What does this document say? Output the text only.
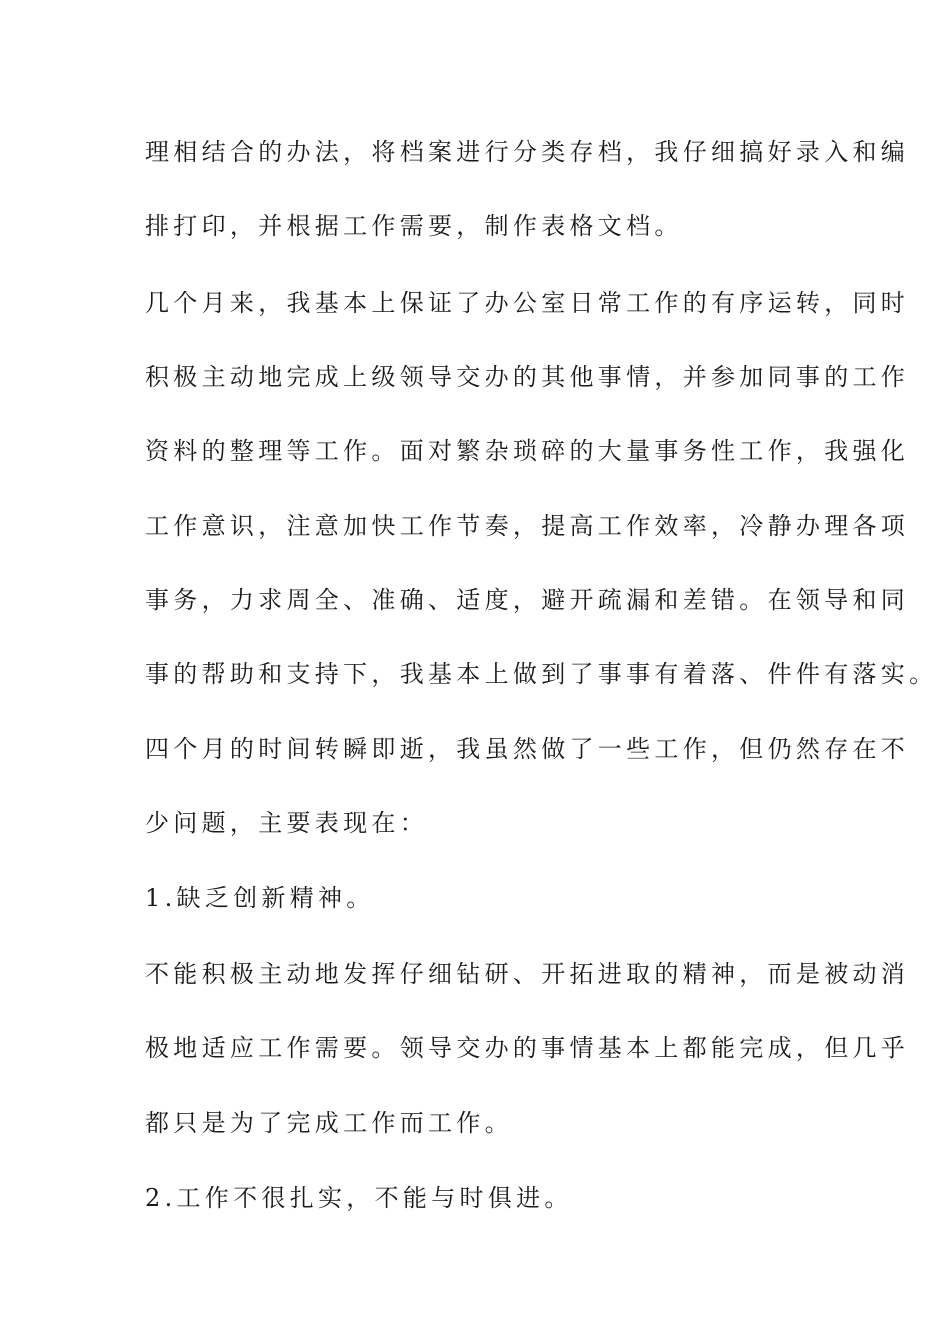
理相结合的办法，将档案进行分类存档，我仔细搞好录入和编
排打印，并根据工作需要，制作表格文档。
几个月来，我基本上保证了办公室日常工作的有序运转，同时
积极主动地完成上级领导交办的其他事情，并参加同事的工作
资料的整理等工作。面对繁杂琐碎的大量事务性工作，我强化
工作意识，注意加快工作节奏，提高工作效率，冷静办理各项
事务，力求周全、准确、适度，避开疏漏和差错。在领导和同
事的帮助和支持下，我基本上做到了事事有着落、件件有落实。
四个月的时间转瞬即逝，我虽然做了一些工作，但仍然存在不
少问题，主要表现在：
1.缺乏创新精神。
不能积极主动地发挥仔细钻研、开拓进取的精神，而是被动消
极地适应工作需要。领导交办的事情基本上都能完成，但几乎
都只是为了完成工作而工作。
2.工作不很扎实，不能与时俱进。
